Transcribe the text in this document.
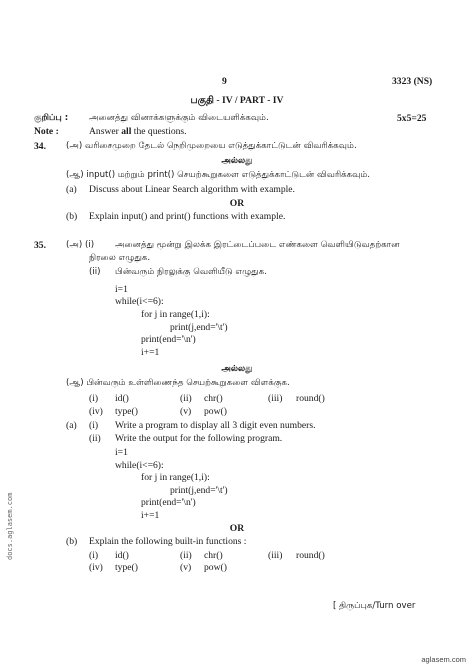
9	3323 (NS)
பகுதி - IV / PART - IV
குறிப்பு : அனைத்து வினாக்களுக்கும் விடையளிக்கவும்.	5x5=25
Note :	Answer all the questions.
34. (அ) வரிசைமுறை தேடல் நெறிமுறையை எடுத்துக்காட்டுடன் விவரிக்கவும்.
அல்லது
(ஆ) input() மற்றும் print() செயற்கூறுகளை எடுத்துக்காட்டுடன் விவரிக்கவும்.
(a) Discuss about Linear Search algorithm with example.
OR
(b) Explain input() and print() functions with example.
35. (அ) (i) அனைத்து மூன்று இலக்க இரட்டைப்படை எண்களை வெளியிடுவதற்கான
நிரலை எழுதுக.
(ii) பின்வரும் நிரலுக்கு வெளியீடு எழுதுக.
i=1
while(i<=6):
for j in range(1,i):
print(j,end='\t')
print(end='\n')
i+=1
அல்லது
(ஆ) பின்வரும் உள்ளிணைந்த செயற்கூறுகளை விளக்குக.
(i) id()	(ii) chr()	(iii) round()
(iv) type()	(v) pow()
(a) (i) Write a program to display all 3 digit even numbers.
(ii) Write the output for the following program.
i=1
while(i<=6):
for j in range(1,i):
print(j,end='\t')
print(end='\n')
i+=1
OR
(b) Explain the following built-in functions :
(i) id()	(ii) chr()	(iii) round()
(iv) type()	(v) pow()
[ திருப்புக/Turn over
docs.aglasem.com
aglasem.com
